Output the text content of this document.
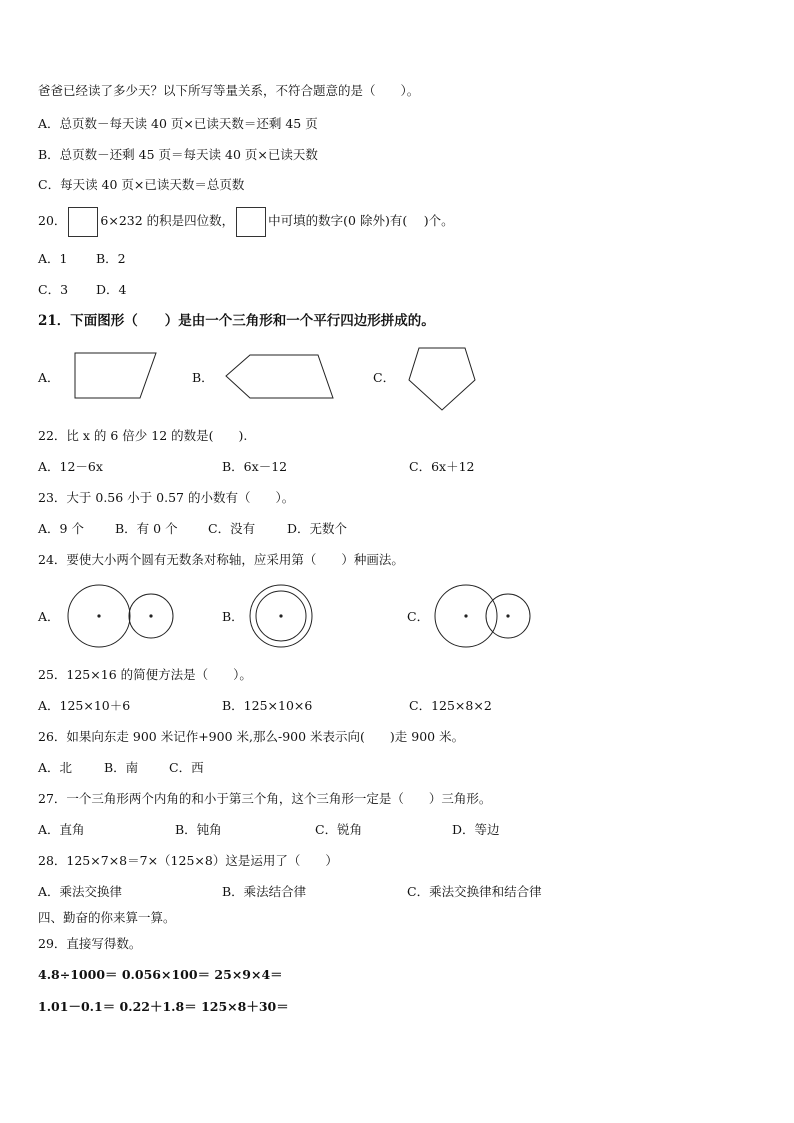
爸爸已经读了多少天？以下所写等量关系，不符合题意的是（　　）。
A．总页数－每天读 40 页×已读天数＝还剩 45 页
B．总页数－还剩 45 页＝每天读 40 页×已读天数
C．每天读 40 页×已读天数＝总页数
20．	6×232 的积是四位数，	中可填的数字(0 除外)有(　 )个。
A．1 B．2
C．3 D．4
21．下面图形（　　）是由一个三角形和一个平行四边形拼成的。
A．	B．	C．
22．比 x 的 6 倍少 12 的数是(　　).
A．12－6x	B．6x－12	C．6x＋12
23．大于 0.56 小于 0.57 的小数有（　　）。
A．9 个 B．有 0 个 C．没有	D．无数个
24．要使大小两个圆有无数条对称轴，应采用第（　　）种画法。
A．	B．	C．
25．125×16 的简便方法是（　　）。
A．125×10＋6	B．125×10×6	C．125×8×2
26．如果向东走 900 米记作+900 米,那么-900 米表示向(　　)走 900 米。
A．北	B．南 C．西
27．一个三角形两个内角的和小于第三个角，这个三角形一定是（　　）三角形。
A．直角	B．钝角	C．锐角	D．等边
28．125×7×8＝7×（125×8）这是运用了（　　）
A．乘法交换律	B．乘法结合律	C．乘法交换律和结合律
四、勤奋的你来算一算。
29．直接写得数。
4.8÷1000＝ 0.056×100＝ 25×9×4＝
1.01－0.1＝ 0.22＋1.8＝ 125×8＋30＝
